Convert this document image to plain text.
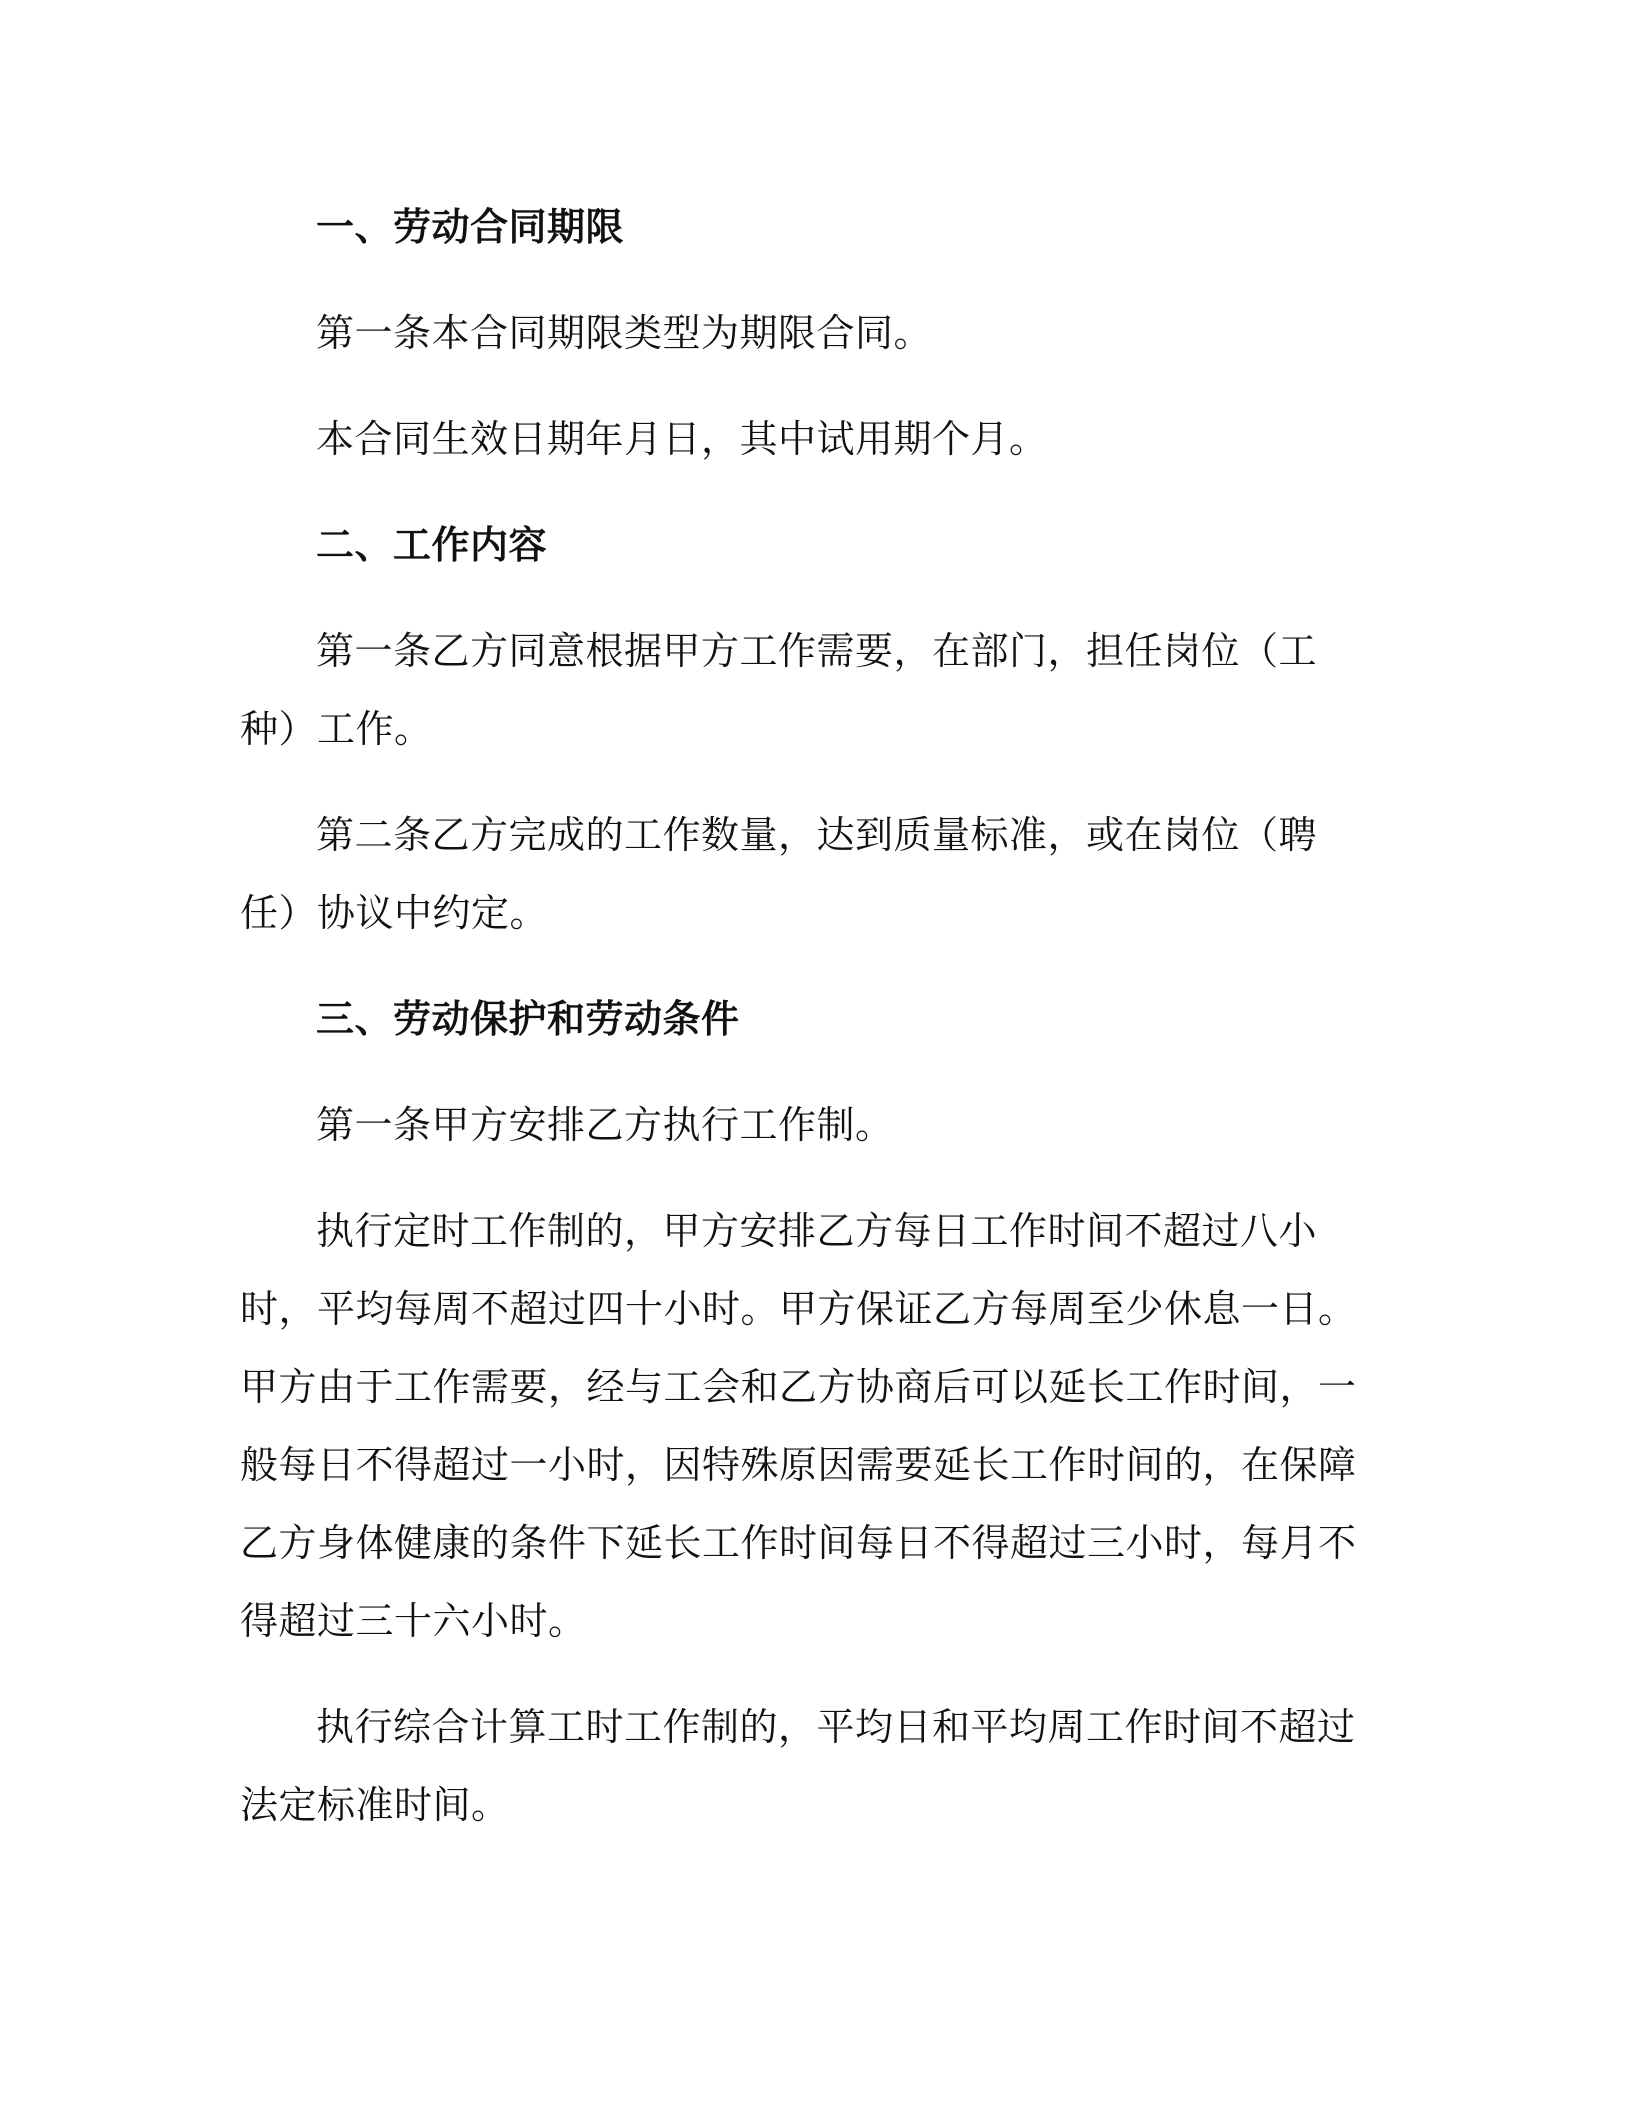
一、劳动合同期限

第一条本合同期限类型为期限合同。

本合同生效日期年月日，其中试用期个月。

二、工作内容

第一条乙方同意根据甲方工作需要，在部门，担任岗位（工种）工作。

第二条乙方完成的工作数量，达到质量标准，或在岗位（聘任）协议中约定。

三、劳动保护和劳动条件

第一条甲方安排乙方执行工作制。

执行定时工作制的，甲方安排乙方每日工作时间不超过八小时，平均每周不超过四十小时。甲方保证乙方每周至少休息一日。甲方由于工作需要，经与工会和乙方协商后可以延长工作时间，一般每日不得超过一小时，因特殊原因需要延长工作时间的，在保障乙方身体健康的条件下延长工作时间每日不得超过三小时，每月不得超过三十六小时。

执行综合计算工时工作制的，平均日和平均周工作时间不超过法定标准时间。
